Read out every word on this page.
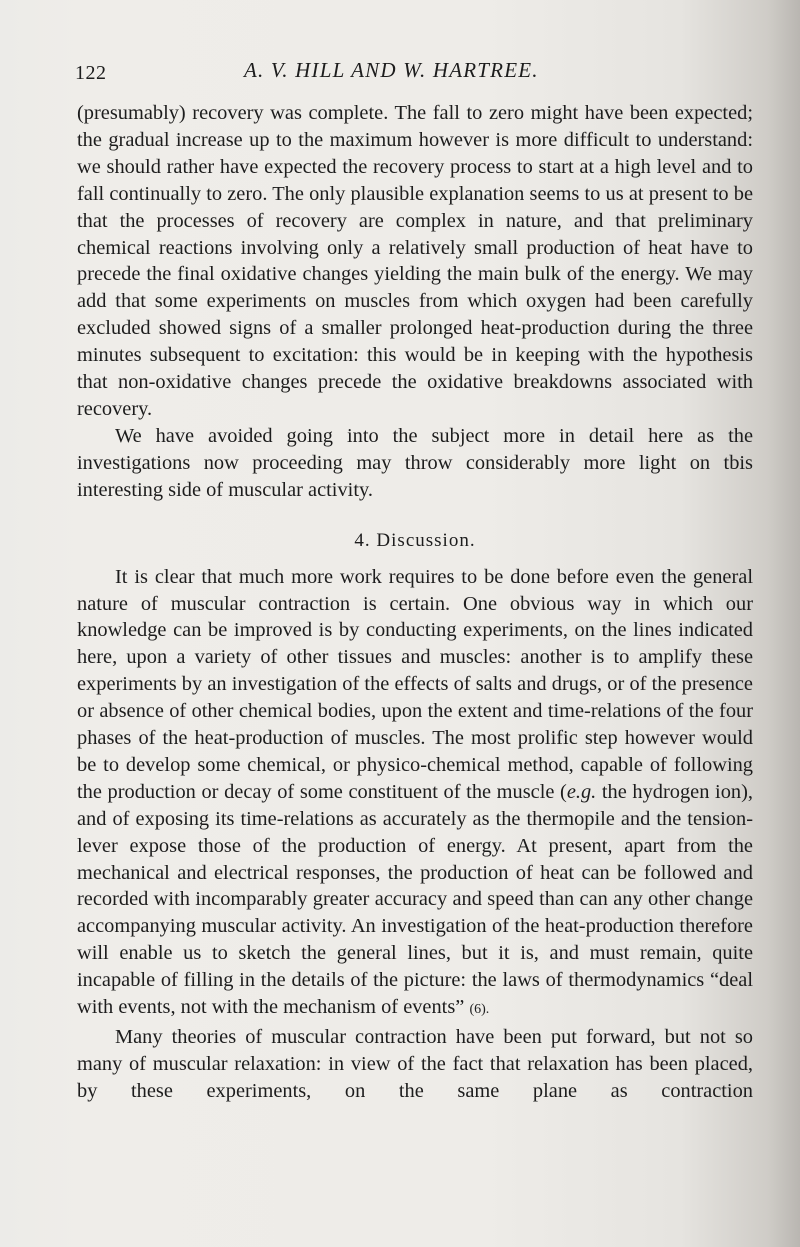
122	A. V. HILL AND W. HARTREE.

(presumably) recovery was complete. The fall to zero might have been expected; the gradual increase up to the maximum however is more difficult to understand: we should rather have expected the recovery process to start at a high level and to fall continually to zero. The only plausible explanation seems to us at present to be that the processes of recovery are complex in nature, and that preliminary chemical reactions involving only a relatively small production of heat have to precede the final oxidative changes yielding the main bulk of the energy. We may add that some experiments on muscles from which oxygen had been carefully excluded showed signs of a smaller prolonged heat-production during the three minutes subsequent to excitation: this would be in keeping with the hypothesis that non-oxidative changes precede the oxidative breakdowns associated with recovery.

We have avoided going into the subject more in detail here as the investigations now proceeding may throw considerably more light on tbis interesting side of muscular activity.

4. Discussion.

It is clear that much more work requires to be done before even the general nature of muscular contraction is certain. One obvious way in which our knowledge can be improved is by conducting experiments, on the lines indicated here, upon a variety of other tissues and muscles: another is to amplify these experiments by an investigation of the effects of salts and drugs, or of the presence or absence of other chemical bodies, upon the extent and time-relations of the four phases of the heat-production of muscles. The most prolific step however would be to develop some chemical, or physico-chemical method, capable of following the production or decay of some constituent of the muscle (e.g. the hydrogen ion), and of exposing its time-relations as accurately as the thermopile and the tension-lever expose those of the production of energy. At present, apart from the mechanical and electrical responses, the production of heat can be followed and recorded with incomparably greater accuracy and speed than can any other change accompanying muscular activity. An investigation of the heat-production therefore will enable us to sketch the general lines, but it is, and must remain, quite incapable of filling in the details of the picture: the laws of thermodynamics “deal with events, not with the mechanism of events” (6).

Many theories of muscular contraction have been put forward, but not so many of muscular relaxation: in view of the fact that relaxation has been placed, by these experiments, on the same plane as contraction
